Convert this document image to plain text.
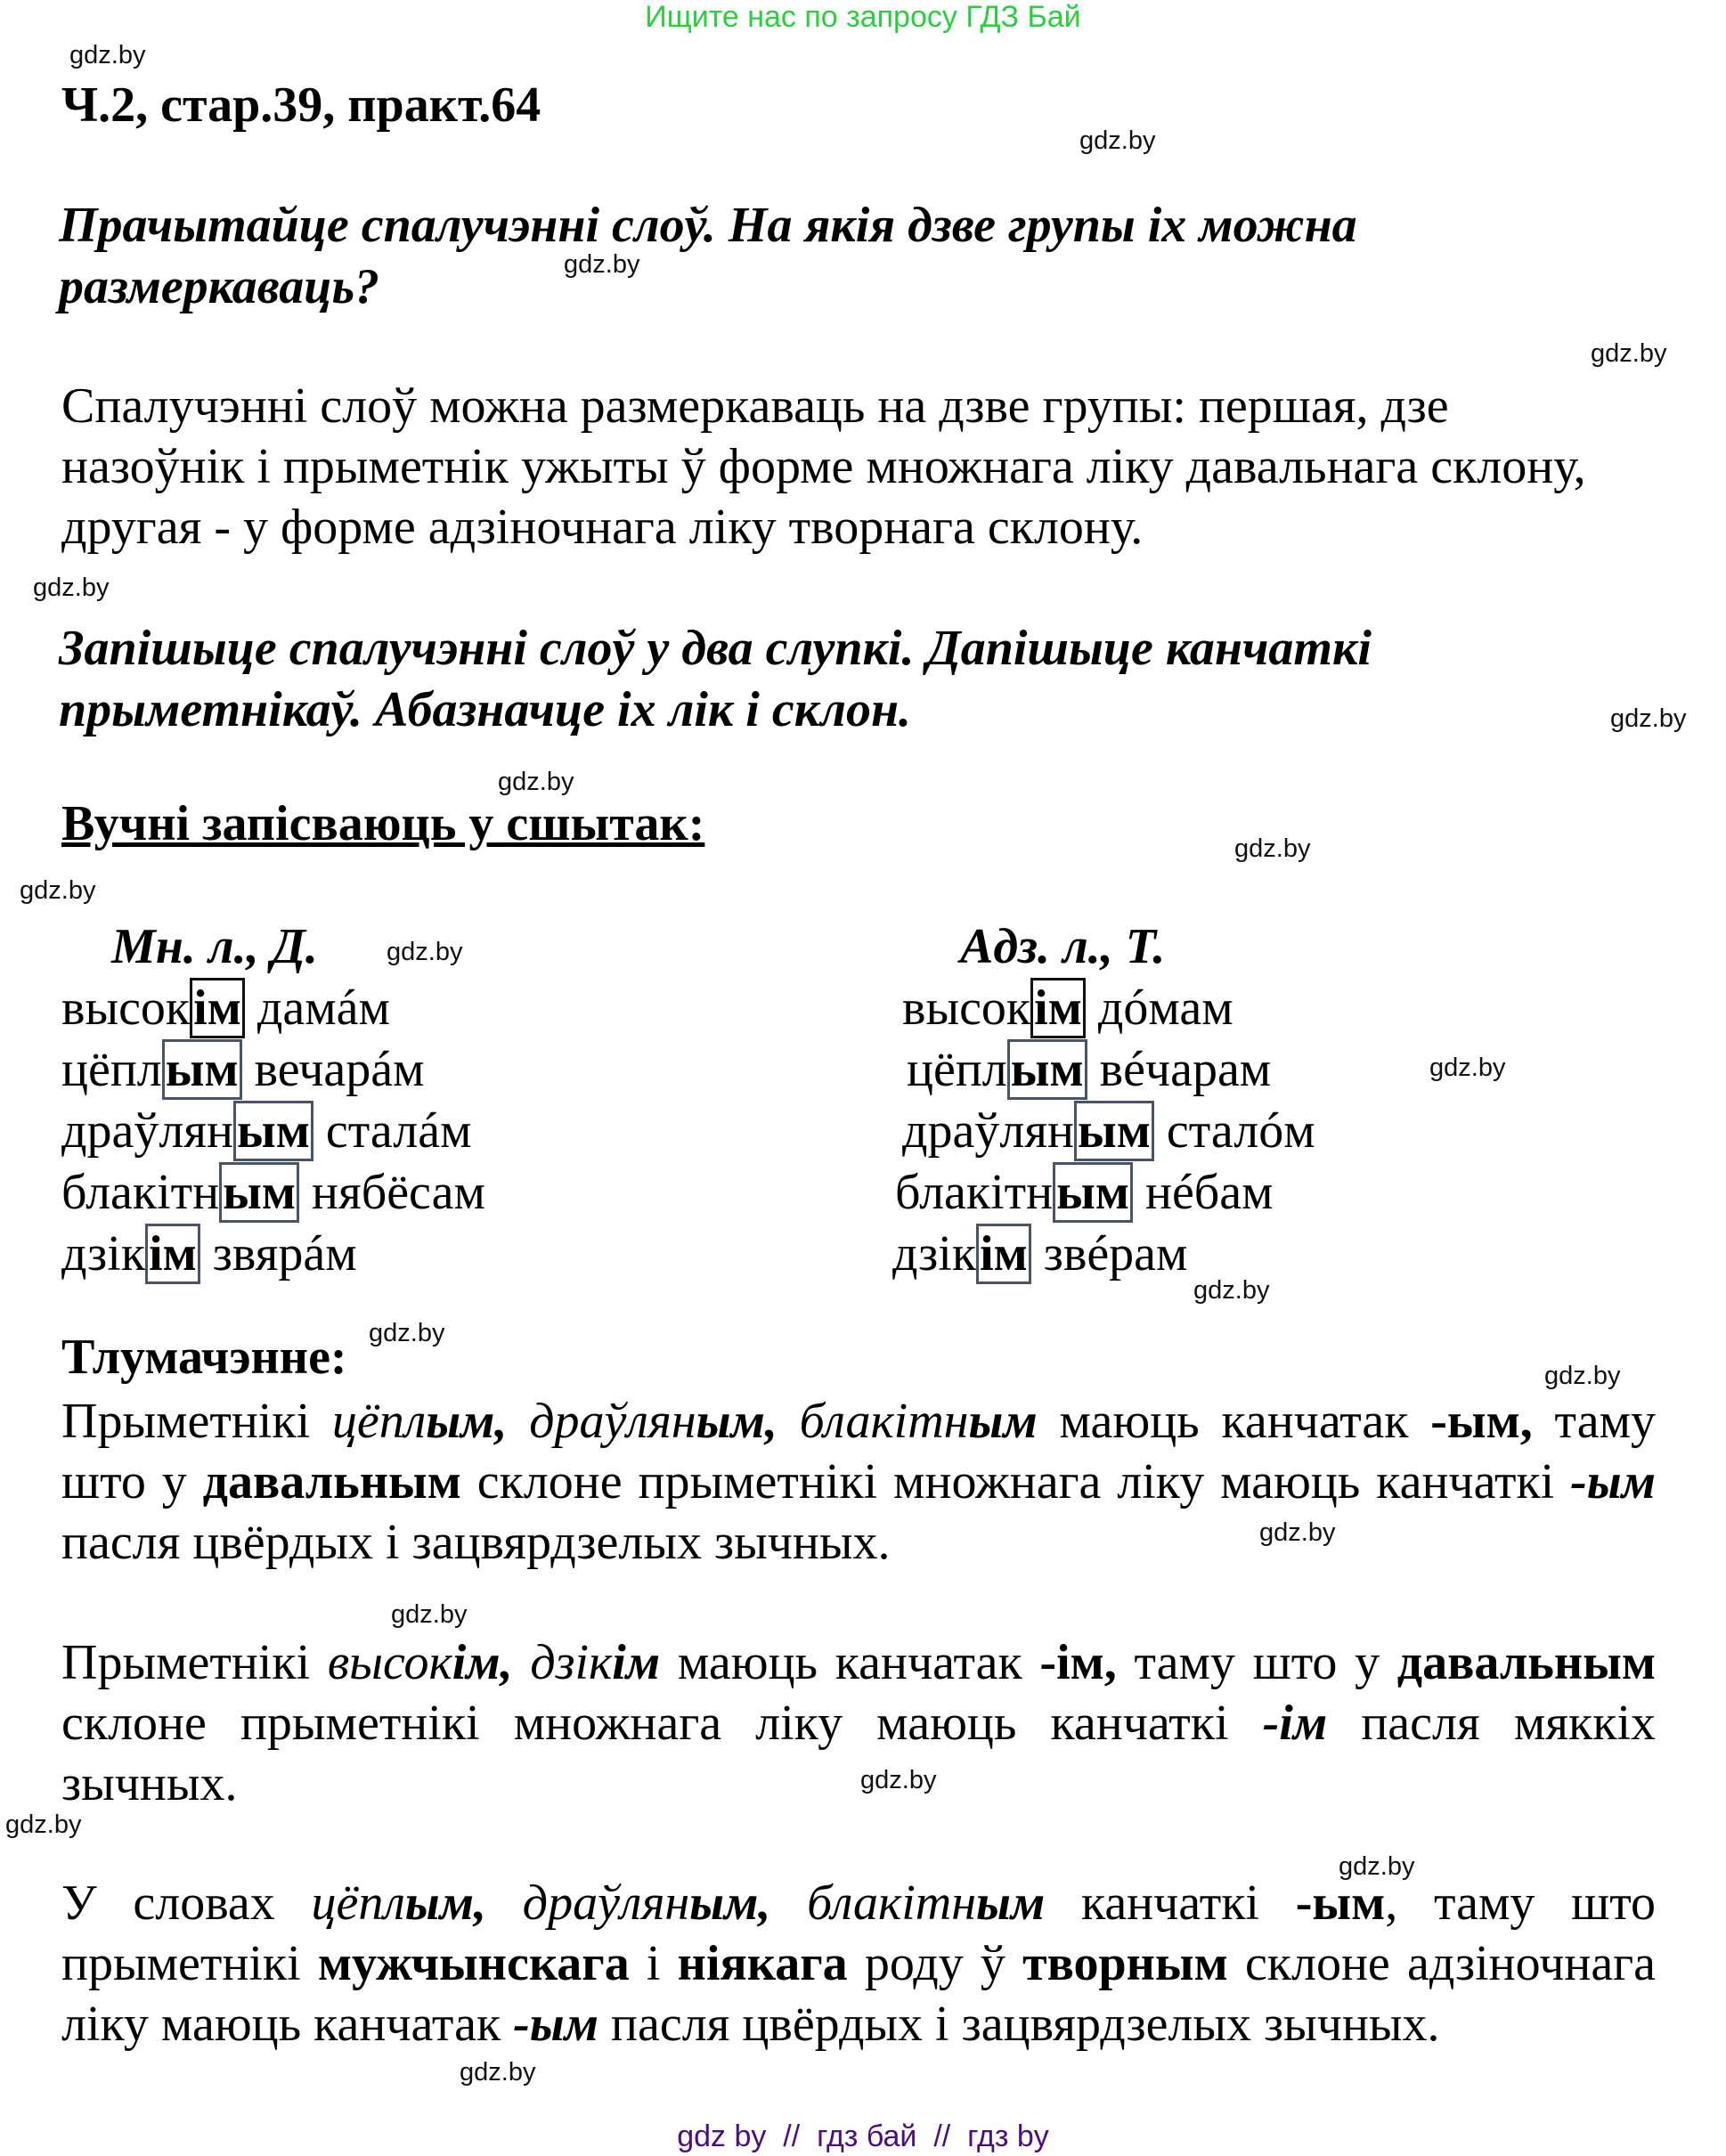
Ищите нас по запросу ГДЗ Бай
Ч.2, стар.39, практ.64
Прачытайце спалучэнні слоў. На якія дзве групы іх можна размеркаваць?
Спалучэнні слоў можна размеркаваць на дзве групы: першая, дзе назоўнік і прыметнік ужыты ў форме множнага ліку давальнага склону, другая - у форме адзіночнага ліку творнага склону.
Запішыце спалучэнні слоў у два слупкі. Дапішыце канчаткі прыметнікаў. Абазначце іх лік і склон.
Вучні запісваюць у сшытак:
Мн. л., Д.	Адз. л., Т.
высокім дамáм
цёплым вечарáм
драўляным сталáм
блакітным нябёсам
дзікім звярáм
высокім дóмам
цёплым вéчарам
драўляным сталóм
блакітным нéбам
дзікім звéрам
Тлумачэнне:
Прыметнікі цёплым, драўляным, блакітным маюць канчатак -ым, таму што у давальным склоне прыметнікі множнага ліку маюць канчаткі -ым пасля цвёрдых і зацвярдзелых зычных.
Прыметнікі высокім, дзікім маюць канчатак -ім, таму што у давальным склоне прыметнікі множнага ліку маюць канчаткі -ім пасля мяккіх зычных.
У словах цёплым, драўляным, блакітным канчаткі -ым, таму што прыметнікі мужчынскага і ніякага роду ў творным склоне адзіночнага ліку маюць канчатак -ым пасля цвёрдых і зацвярдзелых зычных.
gdz.by
gdz.by
gdz.by
gdz.by
gdz.by
gdz.by
gdz.by
gdz.by
gdz.by
gdz.by
gdz.by
gdz.by
gdz.by
gdz.by
gdz.by
gdz.by
gdz.by
gdz.by
gdz.by
gdz.by
gdz by  //  гдз бай  //  гдз by
